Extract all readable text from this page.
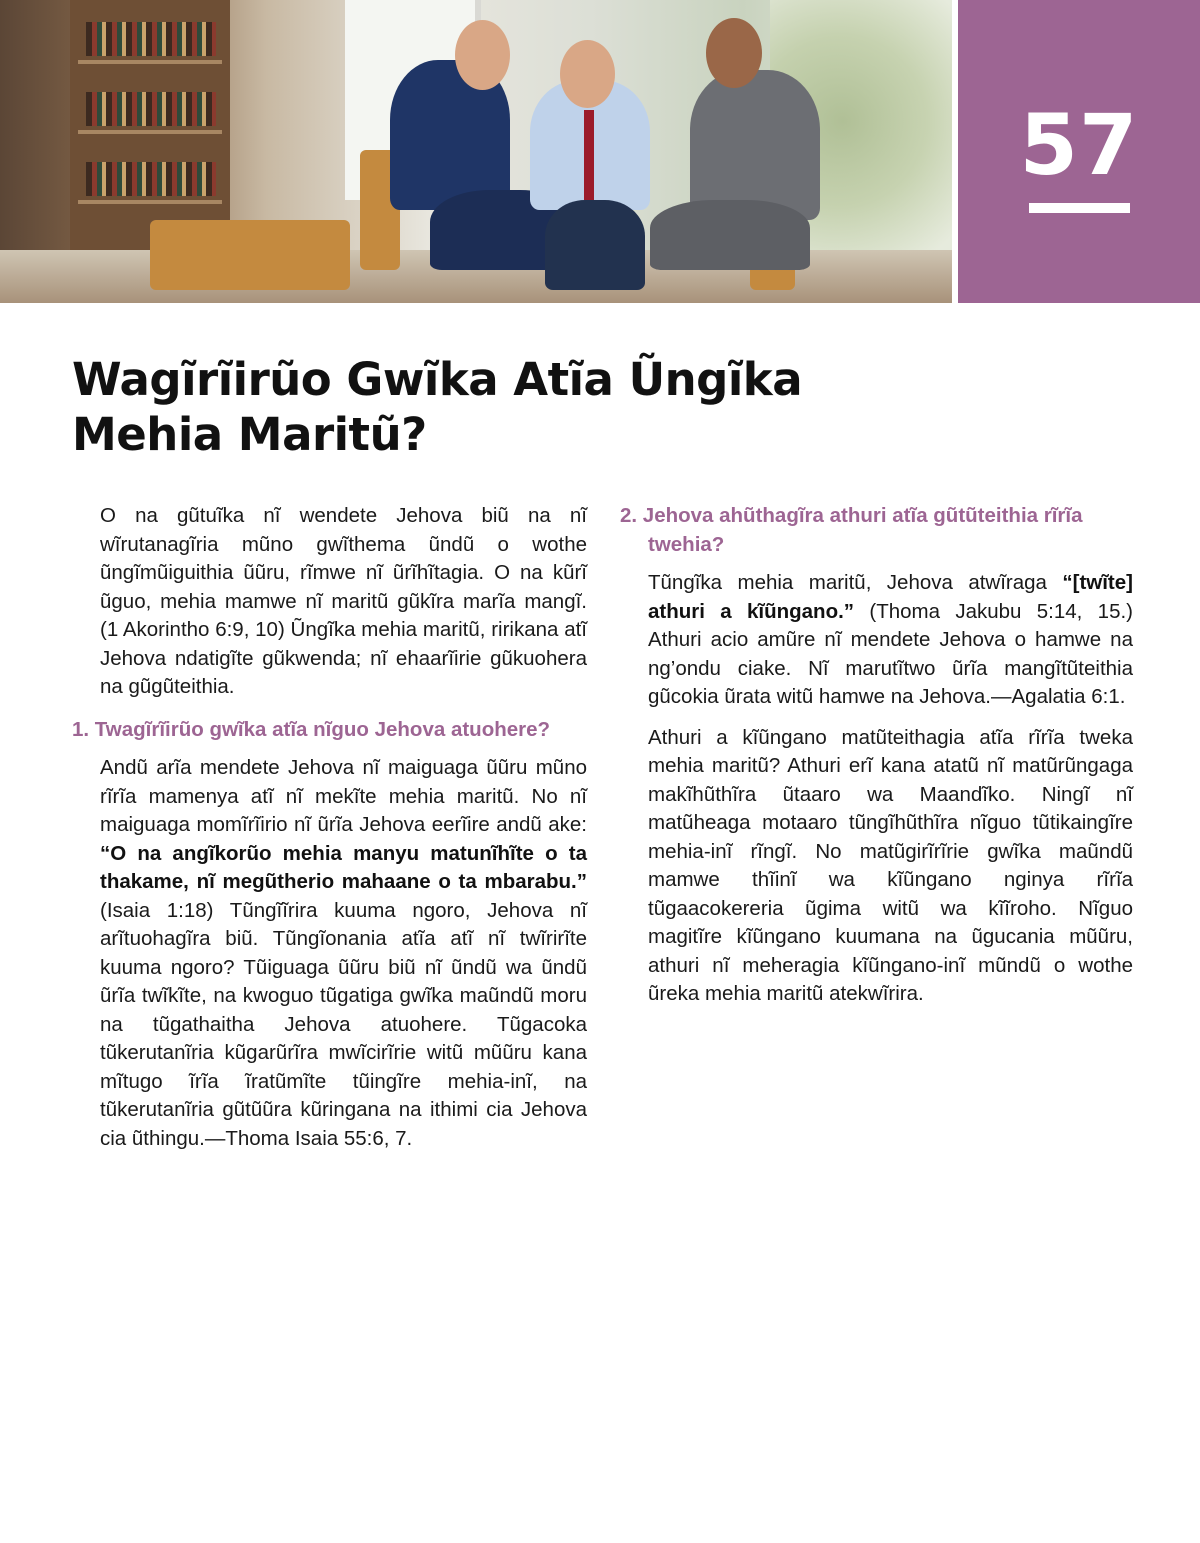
57
Wagĩrĩirũo Gwĩka Atĩa Ũngĩka
Mehia Maritũ?

O na gũtuĩka nĩ wendete Jehova biũ na nĩ wĩrutanagĩria mũno gwĩthema ũndũ o wothe ũngĩmũiguithia ũũru, rĩmwe nĩ ũrĩhĩtagia. O na kũrĩ ũguo, mehia mamwe nĩ maritũ gũkĩra marĩa mangĩ. (1 Akorintho 6:9, 10) Ũngĩka mehia maritũ, ririkana atĩ Jehova ndatigĩte gũkwenda; nĩ ehaarĩirie gũkuohera na gũgũteithia.

1. Twagĩrĩirũo gwĩka atĩa nĩguo Jehova atuohere?

Andũ arĩa mendete Jehova nĩ maiguaga ũũru mũno rĩrĩa mamenya atĩ nĩ mekĩte mehia maritũ. No nĩ maiguaga momĩrĩirio nĩ ũrĩa Jehova eerĩire andũ ake: “O na angĩkorũo mehia manyu matunĩhĩte o ta thakame, nĩ megũtherio mahaane o ta mbarabu.” (Isaia 1:18) Tũngĩĩrira kuuma ngoro, Jehova nĩ arĩtuohagĩra biũ. Tũngĩonania atĩa atĩ nĩ twĩrirĩte kuuma ngoro? Tũiguaga ũũru biũ nĩ ũndũ wa ũndũ ũrĩa twĩkĩte, na kwoguo tũgatiga gwĩka maũndũ moru na tũgathaitha Jehova atuohere. Tũgacoka tũkerutanĩria kũgarũrĩra mwĩcirĩrie witũ mũũru kana mĩtugo ĩrĩa ĩratũmĩte tũingĩre mehia-inĩ, na tũkerutanĩria gũtũũra kũringana na ithimi cia Jehova cia ũthingu.—Thoma Isaia 55:6, 7.

2. Jehova ahũthagĩra athuri atĩa gũtũteithia rĩrĩa twehia?

Tũngĩka mehia maritũ, Jehova atwĩraga “[twĩte] athuri a kĩũngano.” (Thoma Jakubu 5:14, 15.) Athuri acio amũre nĩ mendete Jehova o hamwe na ng’ondu ciake. Nĩ marutĩtwo ũrĩa mangĩtũteithia gũcokia ũrata witũ hamwe na Jehova.—Agalatia 6:1.

Athuri a kĩũngano matũteithagia atĩa rĩrĩa tweka mehia maritũ? Athuri erĩ kana atatũ nĩ matũrũngaga makĩhũthĩra ũtaaro wa Maandĩko. Ningĩ nĩ matũheaga motaaro tũngĩhũthĩra nĩguo tũtikaingĩre mehia-inĩ rĩngĩ. No matũgirĩrĩrie gwĩka maũndũ mamwe thĩinĩ wa kĩũngano nginya rĩrĩa tũgaacokereria ũgima witũ wa kĩĩroho. Nĩguo magitĩre kĩũngano kuumana na ũgucania mũũru, athuri nĩ meheragia kĩũngano-inĩ mũndũ o wothe ũreka mehia maritũ atekwĩrira.
